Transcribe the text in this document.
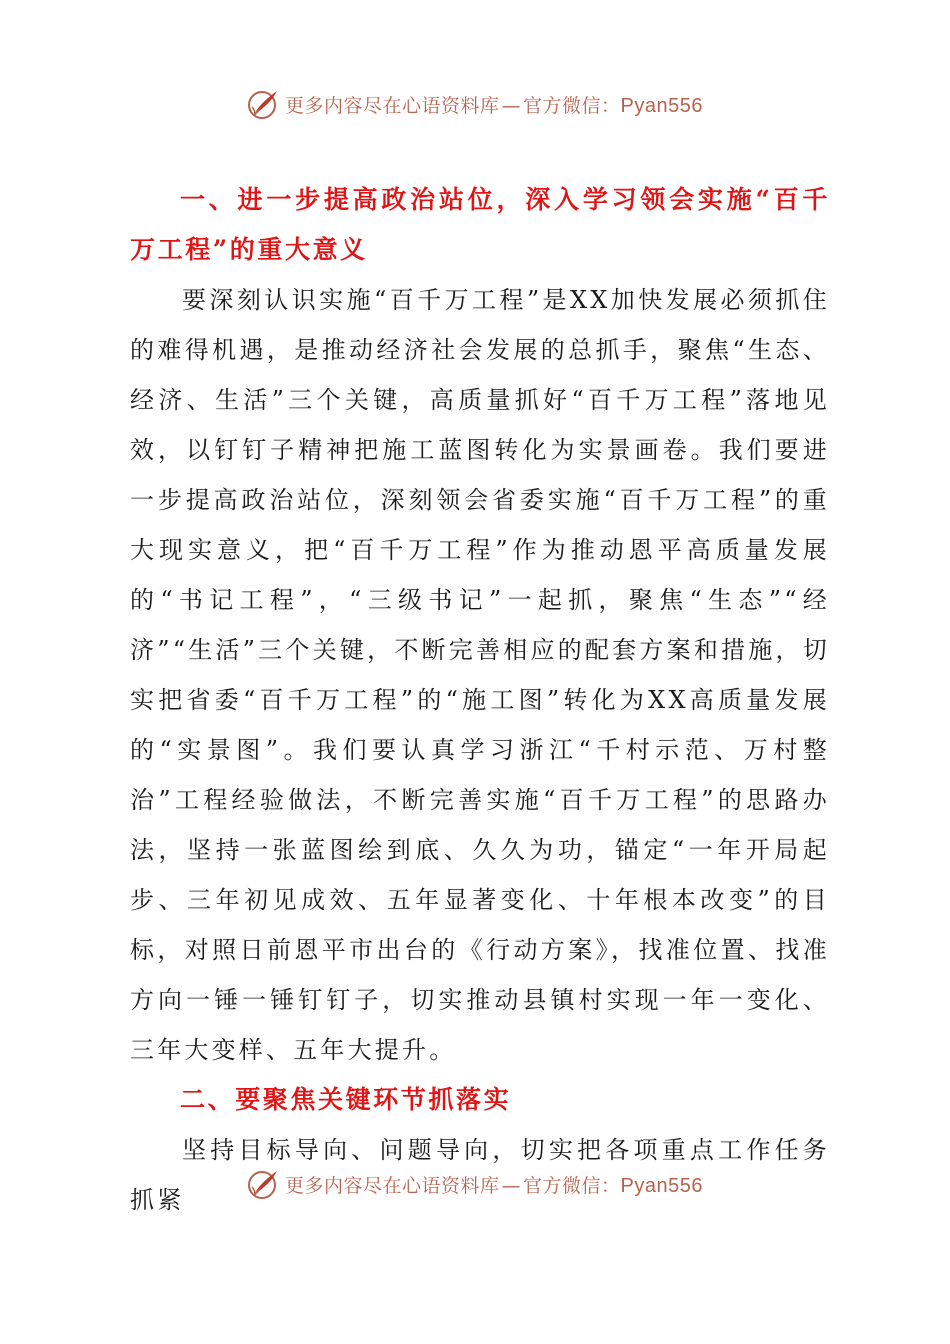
更多内容尽在心语资料库 — 官方微信：Pyan556

一、进一步提高政治站位，深入学习领会实施“百千万工程”的重大意义

要深刻认识实施“百千万工程”是XX加快发展必须抓住的难得机遇，是推动经济社会发展的总抓手，聚焦“生态、经济、生活”三个关键，高质量抓好“百千万工程”落地见效，以钉钉子精神把施工蓝图转化为实景画卷。我们要进一步提高政治站位，深刻领会省委实施“百千万工程”的重大现实意义，把“百千万工程”作为推动恩平高质量发展的“书记工程”，“三级书记”一起抓，聚焦“生态”“经济”“生活”三个关键，不断完善相应的配套方案和措施，切实把省委“百千万工程”的“施工图”转化为XX高质量发展的“实景图”。我们要认真学习浙江“千村示范、万村整治”工程经验做法，不断完善实施“百千万工程”的思路办法，坚持一张蓝图绘到底、久久为功，锚定“一年开局起步、三年初见成效、五年显著变化、十年根本改变”的目标，对照日前恩平市出台的《行动方案》，找准位置、找准方向一锤一锤钉钉子，切实推动县镇村实现一年一变化、三年大变样、五年大提升。

二、要聚焦关键环节抓落实

坚持目标导向、问题导向，切实把各项重点工作任务抓紧

更多内容尽在心语资料库 — 官方微信：Pyan556
